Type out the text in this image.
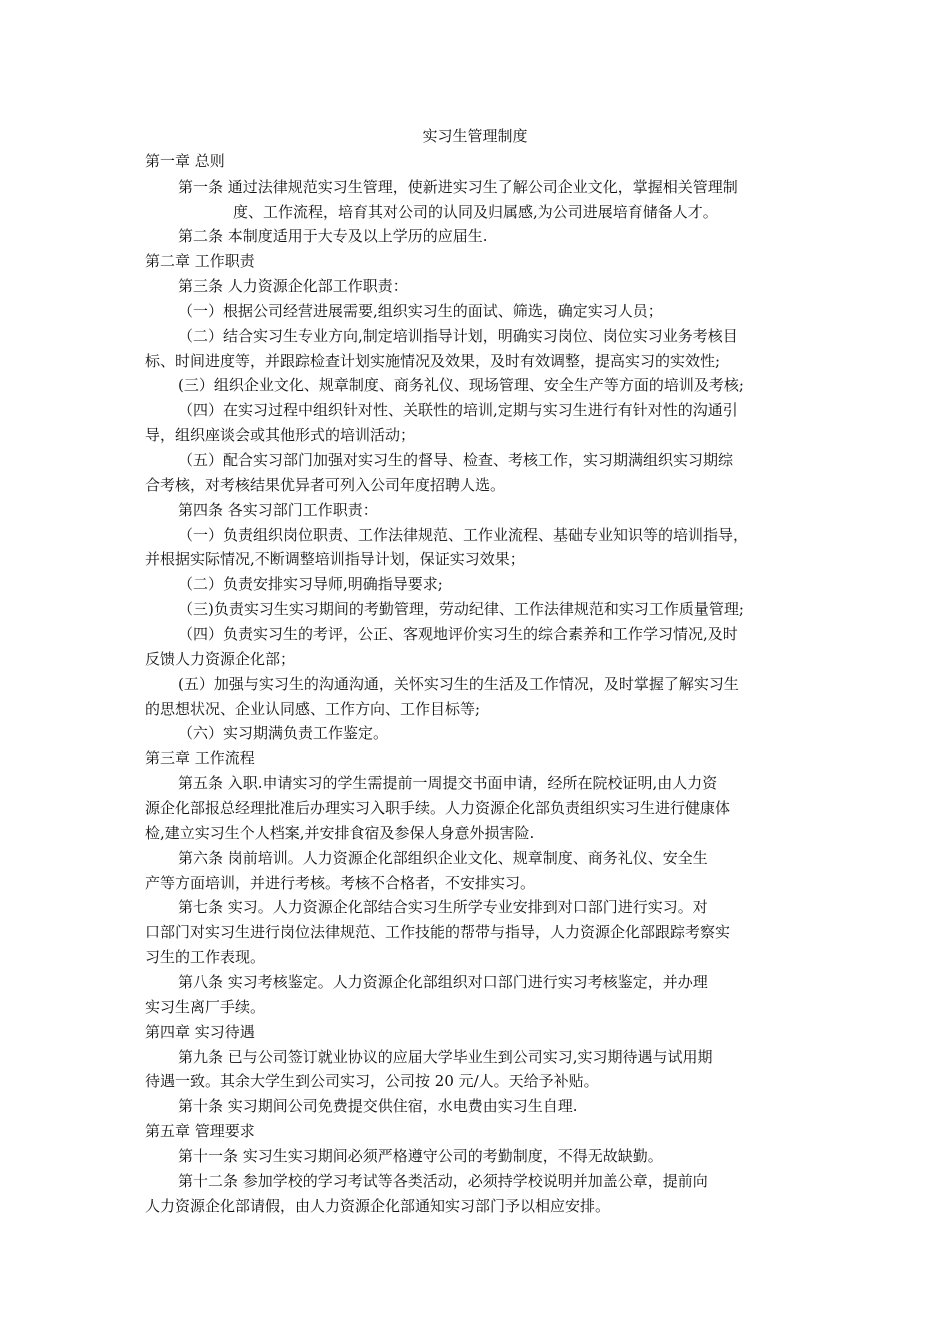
实习生管理制度
第一章 总则
第一条 通过法律规范实习生管理，使新进实习生了解公司企业文化，掌握相关管理制
度、工作流程，培育其对公司的认同及归属感,为公司进展培育储备人才。
第二条 本制度适用于大专及以上学历的应届生.
第二章 工作职责
第三条 人力资源企化部工作职责：
（一）根据公司经营进展需要,组织实习生的面试、筛选，确定实习人员；
（二）结合实习生专业方向,制定培训指导计划，明确实习岗位、岗位实习业务考核目
标、时间进度等，并跟踪检查计划实施情况及效果，及时有效调整，提高实习的实效性;
(三）组织企业文化、规章制度、商务礼仪、现场管理、安全生产等方面的培训及考核;
（四）在实习过程中组织针对性、关联性的培训,定期与实习生进行有针对性的沟通引
导，组织座谈会或其他形式的培训活动；
（五）配合实习部门加强对实习生的督导、检查、考核工作，实习期满组织实习期综
合考核，对考核结果优异者可列入公司年度招聘人选。
第四条 各实习部门工作职责：
（一）负责组织岗位职责、工作法律规范、工作业流程、基础专业知识等的培训指导，
并根据实际情况,不断调整培训指导计划，保证实习效果；
（二）负责安排实习导师,明确指导要求;
（三)负责实习生实习期间的考勤管理，劳动纪律、工作法律规范和实习工作质量管理;
（四）负责实习生的考评，公正、客观地评价实习生的综合素养和工作学习情况,及时
反馈人力资源企化部；
(五）加强与实习生的沟通沟通，关怀实习生的生活及工作情况，及时掌握了解实习生
的思想状况、企业认同感、工作方向、工作目标等;
（六）实习期满负责工作鉴定。
第三章 工作流程
第五条 入职.申请实习的学生需提前一周提交书面申请，经所在院校证明,由人力资
源企化部报总经理批准后办理实习入职手续。人力资源企化部负责组织实习生进行健康体
检,建立实习生个人档案,并安排食宿及参保人身意外损害险.
第六条 岗前培训。人力资源企化部组织企业文化、规章制度、商务礼仪、安全生
产等方面培训，并进行考核。考核不合格者，不安排实习。
第七条 实习。人力资源企化部结合实习生所学专业安排到对口部门进行实习。对
口部门对实习生进行岗位法律规范、工作技能的帮带与指导，人力资源企化部跟踪考察实
习生的工作表现。
第八条 实习考核鉴定。人力资源企化部组织对口部门进行实习考核鉴定，并办理
实习生离厂手续。
第四章 实习待遇
第九条 已与公司签订就业协议的应届大学毕业生到公司实习,实习期待遇与试用期
待遇一致。其余大学生到公司实习，公司按 20 元/人。天给予补贴。
第十条 实习期间公司免费提交供住宿，水电费由实习生自理.
第五章 管理要求
第十一条 实习生实习期间必须严格遵守公司的考勤制度，不得无故缺勤。
第十二条 参加学校的学习考试等各类活动，必须持学校说明并加盖公章，提前向
人力资源企化部请假，由人力资源企化部通知实习部门予以相应安排。
